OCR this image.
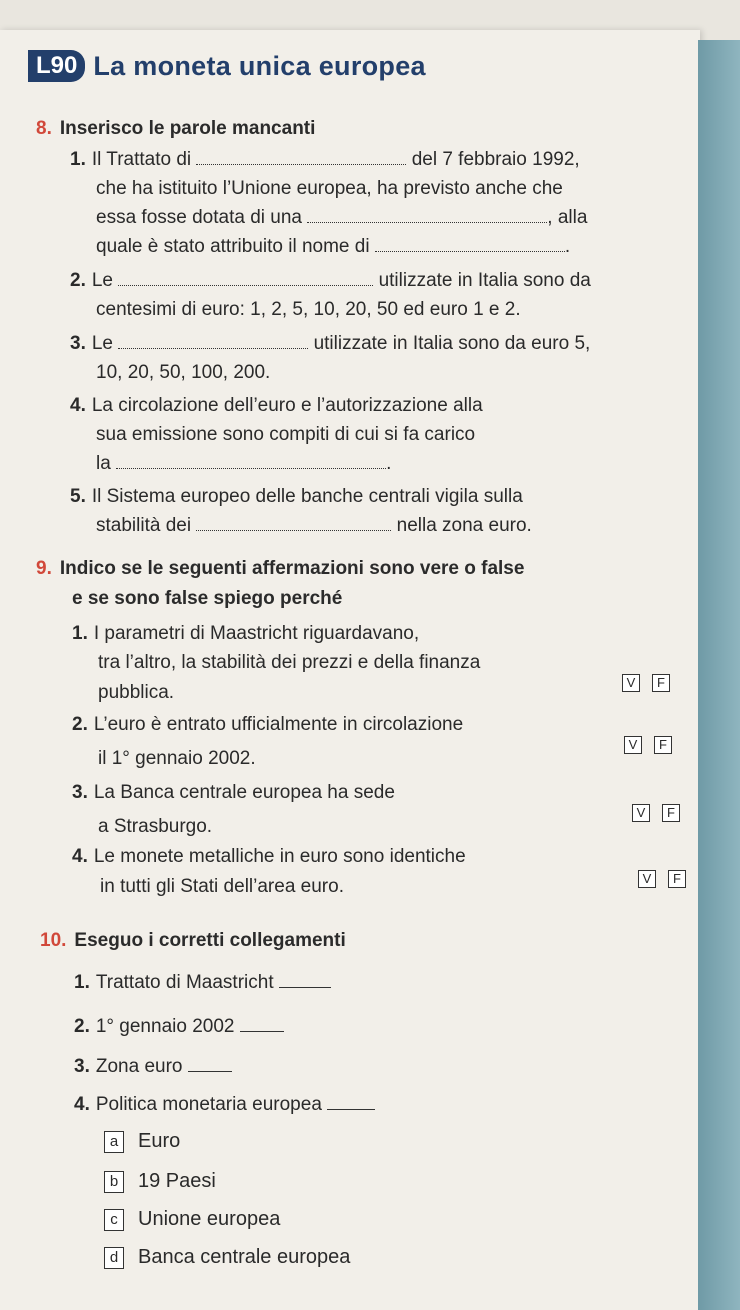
L90 La moneta unica europea
8. Inserisco le parole mancanti
1. Il Trattato di	del 7 febbraio 1992,
che ha istituito l’Unione europea, ha previsto anche che
essa fosse dotata di una	, alla
quale è stato attribuito il nome di	.
2. Le	utilizzate in Italia sono da
centesimi di euro: 1, 2, 5, 10, 20, 50 ed euro 1 e 2.
3. Le	utilizzate in Italia sono da euro 5,
10, 20, 50, 100, 200.
4. La circolazione dell’euro e l’autorizzazione alla
sua emissione sono compiti di cui si fa carico
la	.
5. Il Sistema europeo delle banche centrali vigila sulla
stabilità dei	nella zona euro.
9. Indico se le seguenti affermazioni sono vere o false
e se sono false spiego perché
1. I parametri di Maastricht riguardavano,
tra l’altro, la stabilità dei prezzi e della finanza
pubblica.	V	F
2. L’euro è entrato ufficialmente in circolazione
il 1° gennaio 2002.
V	F
3. La Banca centrale europea ha sede
a Strasburgo.
V	F
4. Le monete metalliche in euro sono identiche
in tutti gli Stati dell’area euro.	V	F
10. Eseguo i corretti collegamenti
1. Trattato di Maastricht
2. 1° gennaio 2002
3. Zona euro
4. Politica monetaria europea
a Euro
b 19 Paesi
c	Unione europea
d Banca centrale europea
